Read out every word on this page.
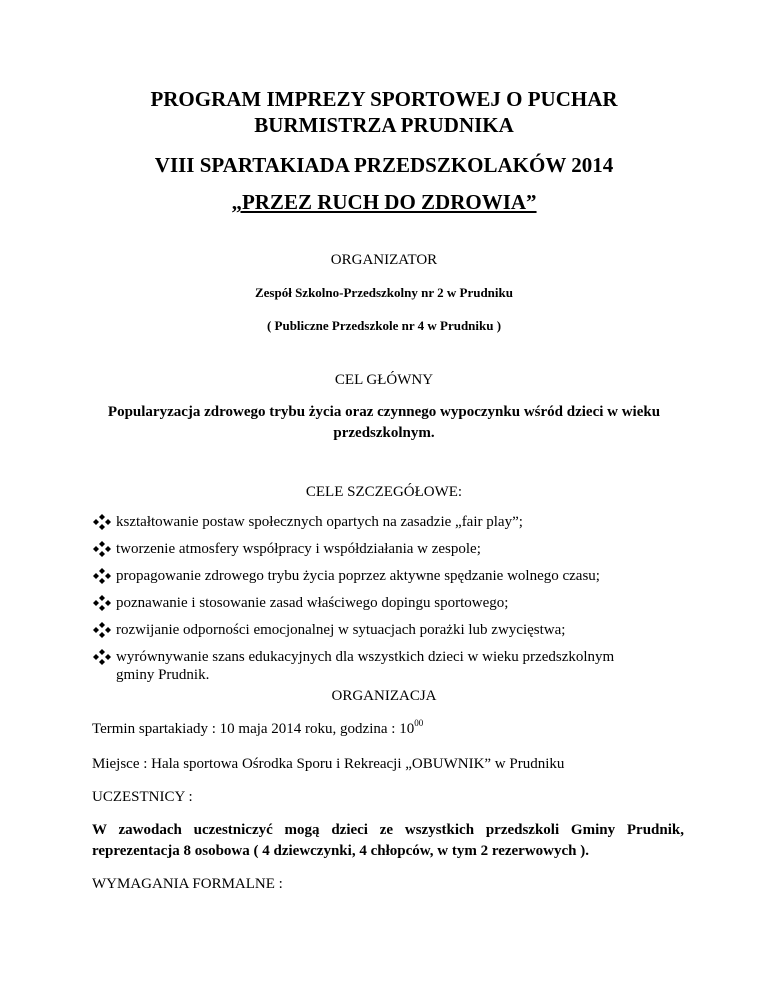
PROGRAM IMPREZY SPORTOWEJ O PUCHAR
BURMISTRZA PRUDNIKA
VIII SPARTAKIADA PRZEDSZKOLAKÓW 2014
„PRZEZ RUCH DO ZDROWIA”
ORGANIZATOR
Zespół Szkolno-Przedszkolny nr 2 w Prudniku
( Publiczne Przedszkole nr 4 w Prudniku )
CEL GŁÓWNY
Popularyzacja zdrowego trybu życia oraz czynnego wypoczynku wśród dzieci w wieku
przedszkolnym.
CELE SZCZEGÓŁOWE:
kształtowanie postaw społecznych opartych na zasadzie „fair play”;
tworzenie atmosfery współpracy i współdziałania w zespole;
propagowanie zdrowego trybu życia poprzez aktywne spędzanie wolnego czasu;
poznawanie i stosowanie zasad właściwego dopingu sportowego;
rozwijanie odporności emocjonalnej w sytuacjach porażki lub zwycięstwa;
wyrównywanie szans edukacyjnych dla wszystkich dzieci w wieku przedszkolnym gminy Prudnik.
ORGANIZACJA
Termin spartakiady : 10 maja 2014 roku, godzina : $10^{00}$
Miejsce : Hala sportowa Ośrodka Sporu i Rekreacji „OBUWNIK” w Prudniku
UCZESTNICY :
W zawodach uczestniczyć mogą dzieci ze wszystkich przedszkoli Gminy Prudnik, reprezentacja 8 osobowa ( 4 dziewczynki, 4 chłopców, w tym 2 rezerwowych ).
WYMAGANIA FORMALNE :
